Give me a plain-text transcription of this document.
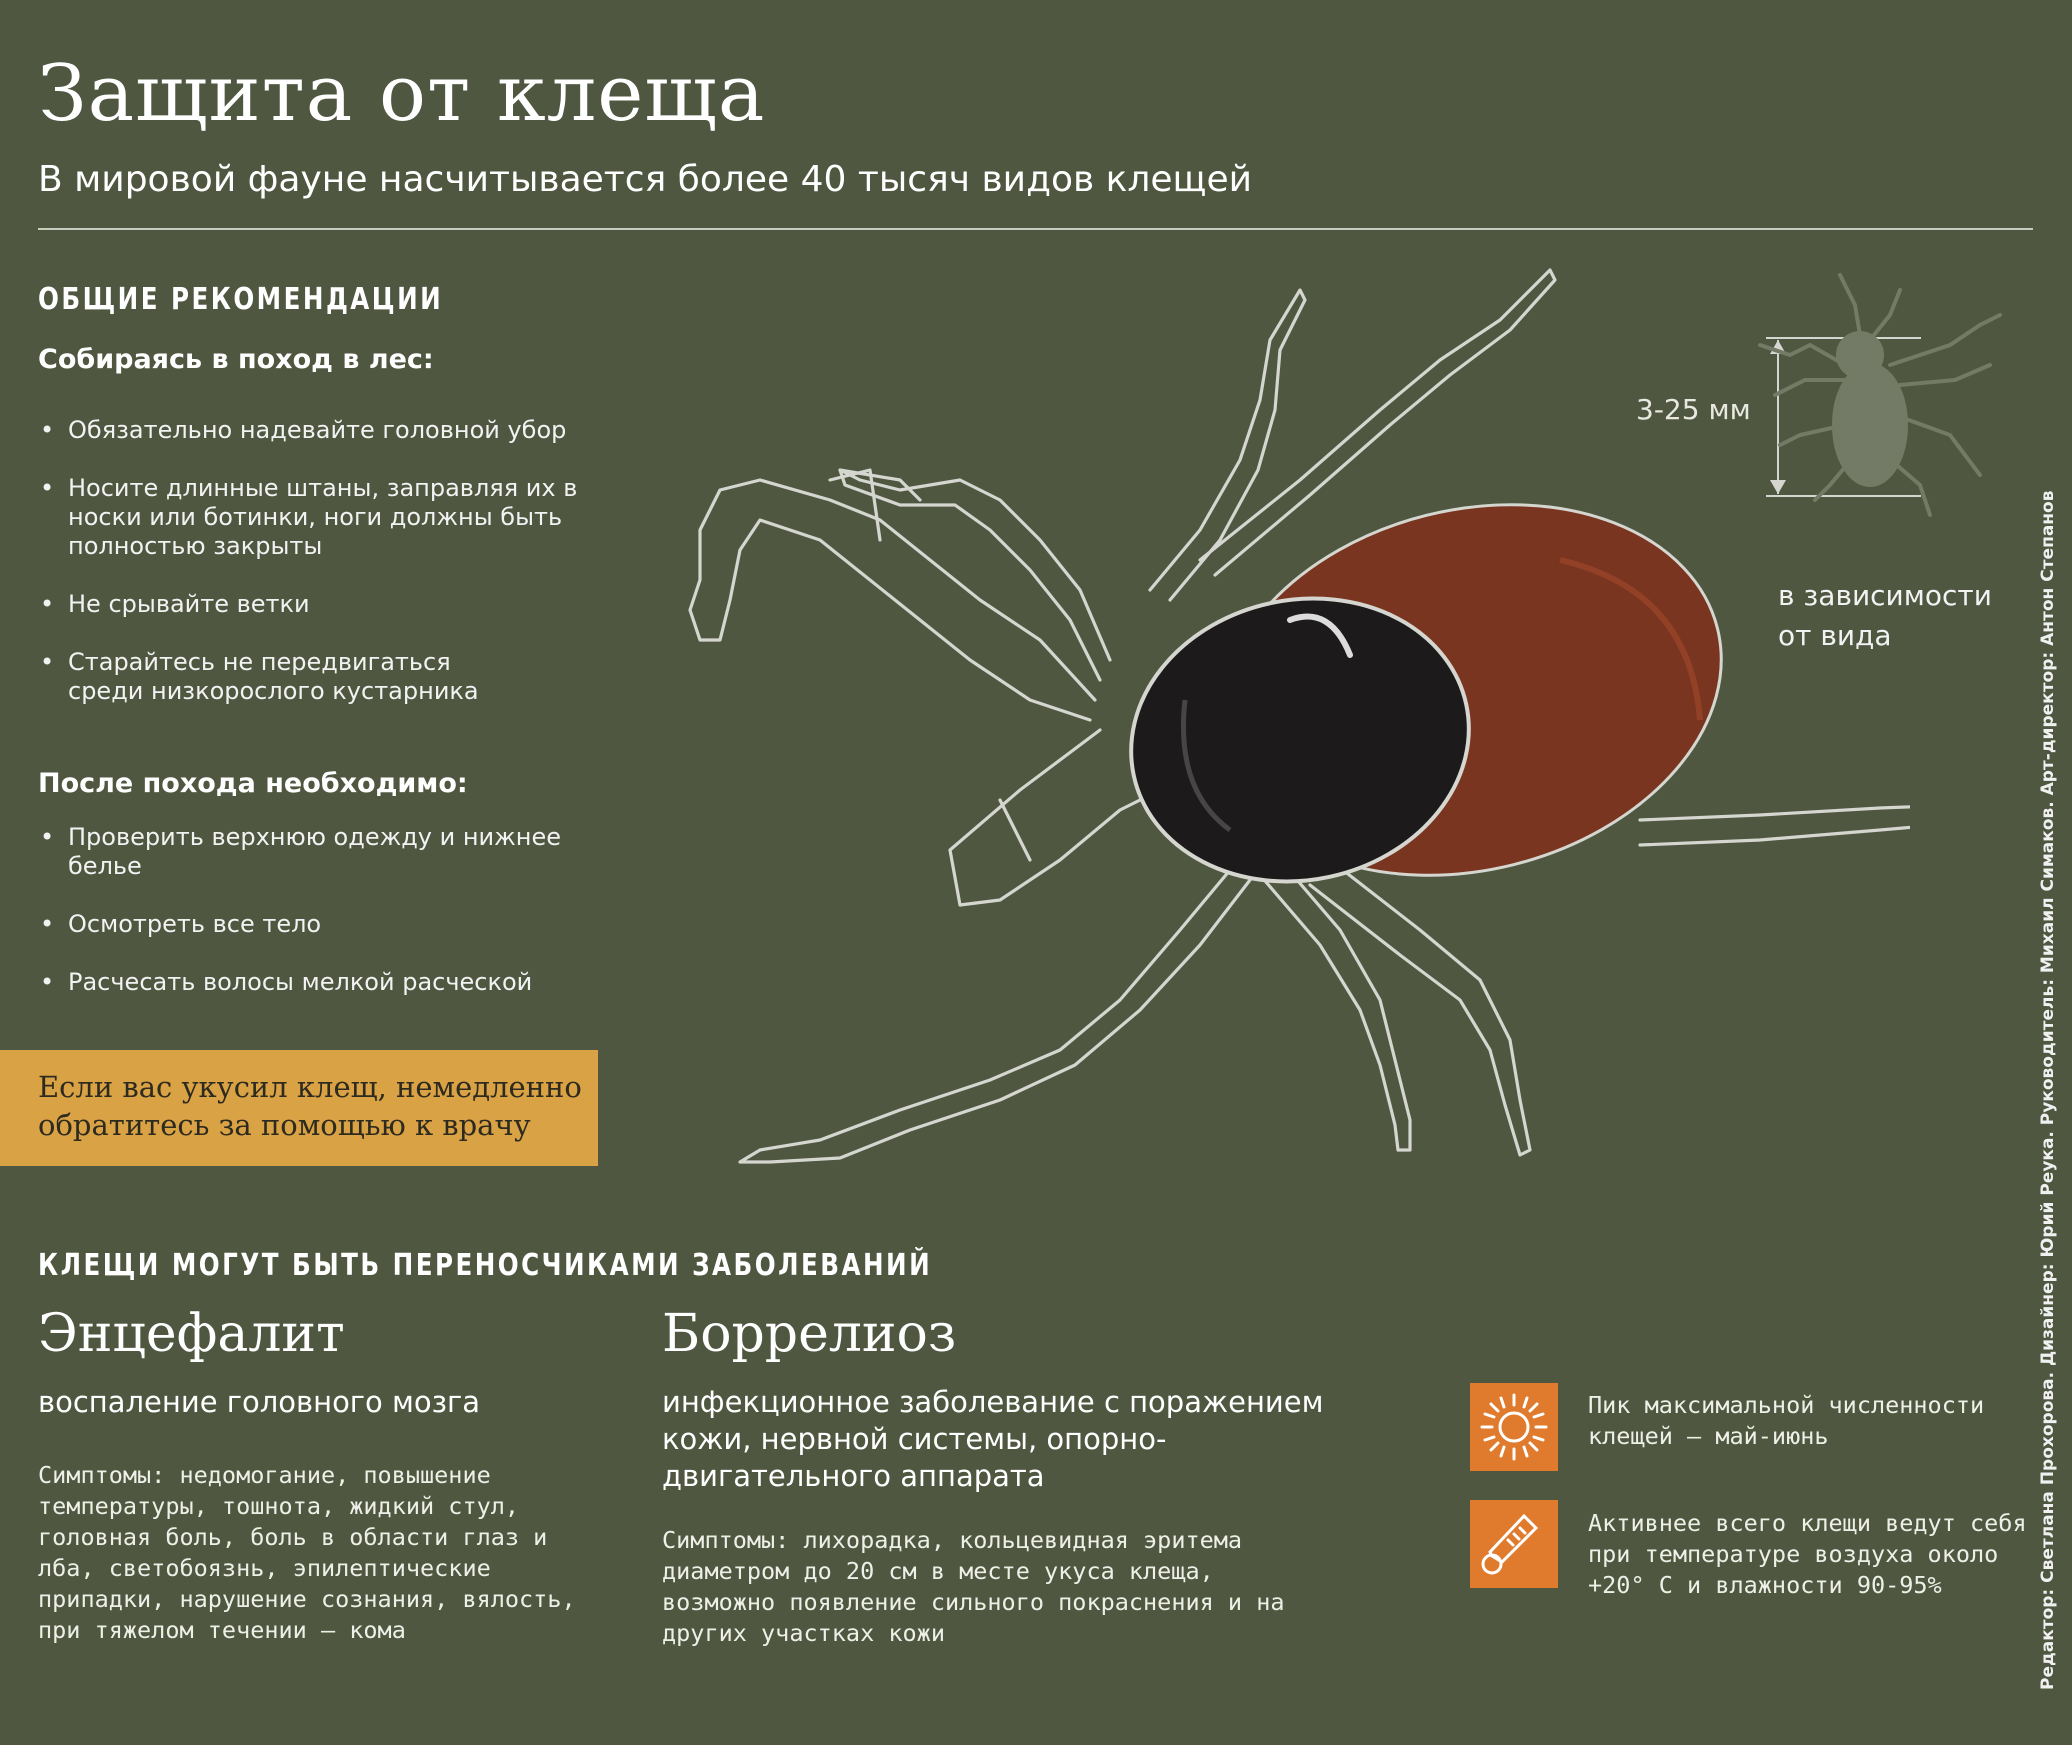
Защита от клеща
В мировой фауне насчитывается более 40 тысяч видов клещей
ОБЩИЕ РЕКОМЕНДАЦИИ
Собираясь в поход в лес:
• Обязательно надевайте головной убор
• Носите длинные штаны, заправляя их в носки или ботинки, ноги должны быть полностью закрыты
• Не срывайте ветки
• Старайтесь не передвигаться среди низкорослого кустарника
После похода необходимо:
• Проверить верхнюю одежду и нижнее белье
• Осмотреть все тело
• Расчесать волосы мелкой расческой
Если вас укусил клещ, немедленно обратитесь за помощью к врачу
3-25 мм
в зависимости от вида
КЛЕЩИ МОГУТ БЫТЬ ПЕРЕНОСЧИКАМИ ЗАБОЛЕВАНИЙ
Энцефалит
воспаление головного мозга
Симптомы: недомогание, повышение температуры, тошнота, жидкий стул, головная боль, боль в области глаз и лба, светобоязнь, эпилептические припадки, нарушение сознания, вялость, при тяжелом течении – кома
Боррелиоз
инфекционное заболевание с поражением кожи, нервной системы, опорно-двигательного аппарата
Симптомы: лихорадка, кольцевидная эритема диаметром до 20 см в месте укуса клеща, возможно появление сильного покраснения и на других участках кожи
Пик максимальной численности клещей – май-июнь
Активнее всего клещи ведут себя при температуре воздуха около +20° C и влажности 90-95%	Редактор: Светлана Прохорова. Дизайнер: Юрий Реука. Руководитель: Михаил Симаков. Арт-директор: Антон Степанов
